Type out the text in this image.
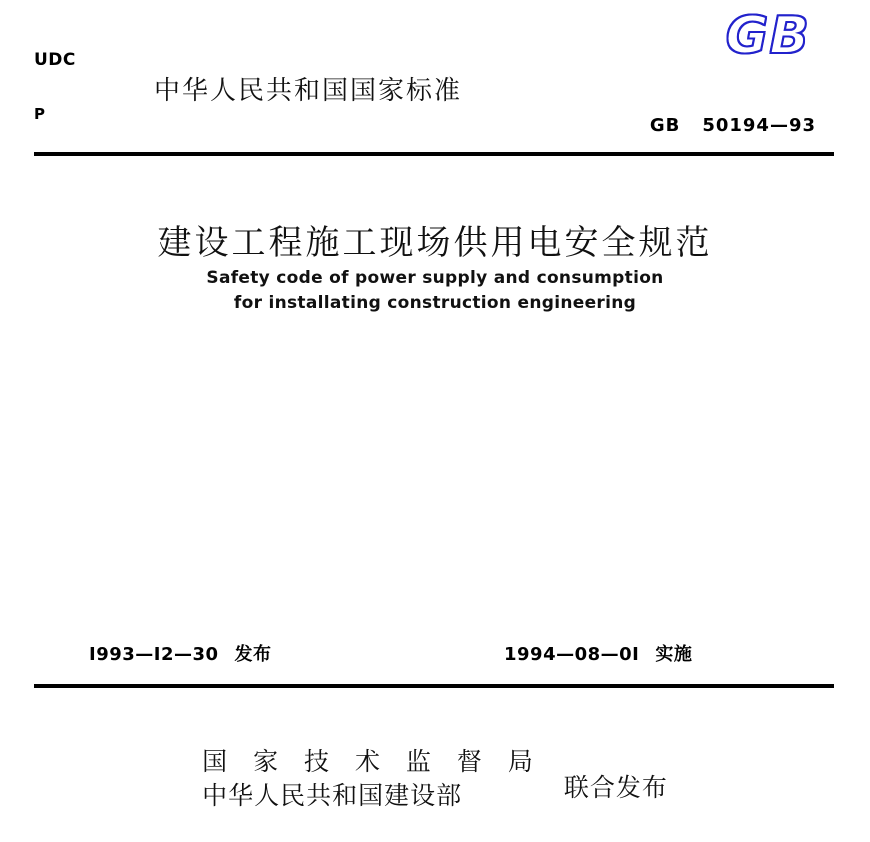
GB
UDC
P
中华人民共和国国家标准
GB 50194—93
建设工程施工现场供用电安全规范
Safety code of power supply and consumption
for installating construction engineering
I993—I2—30 发布	1994—08—0I 实施
国 家 技 术 监 督 局
中华人民共和国建设部	联合发布
